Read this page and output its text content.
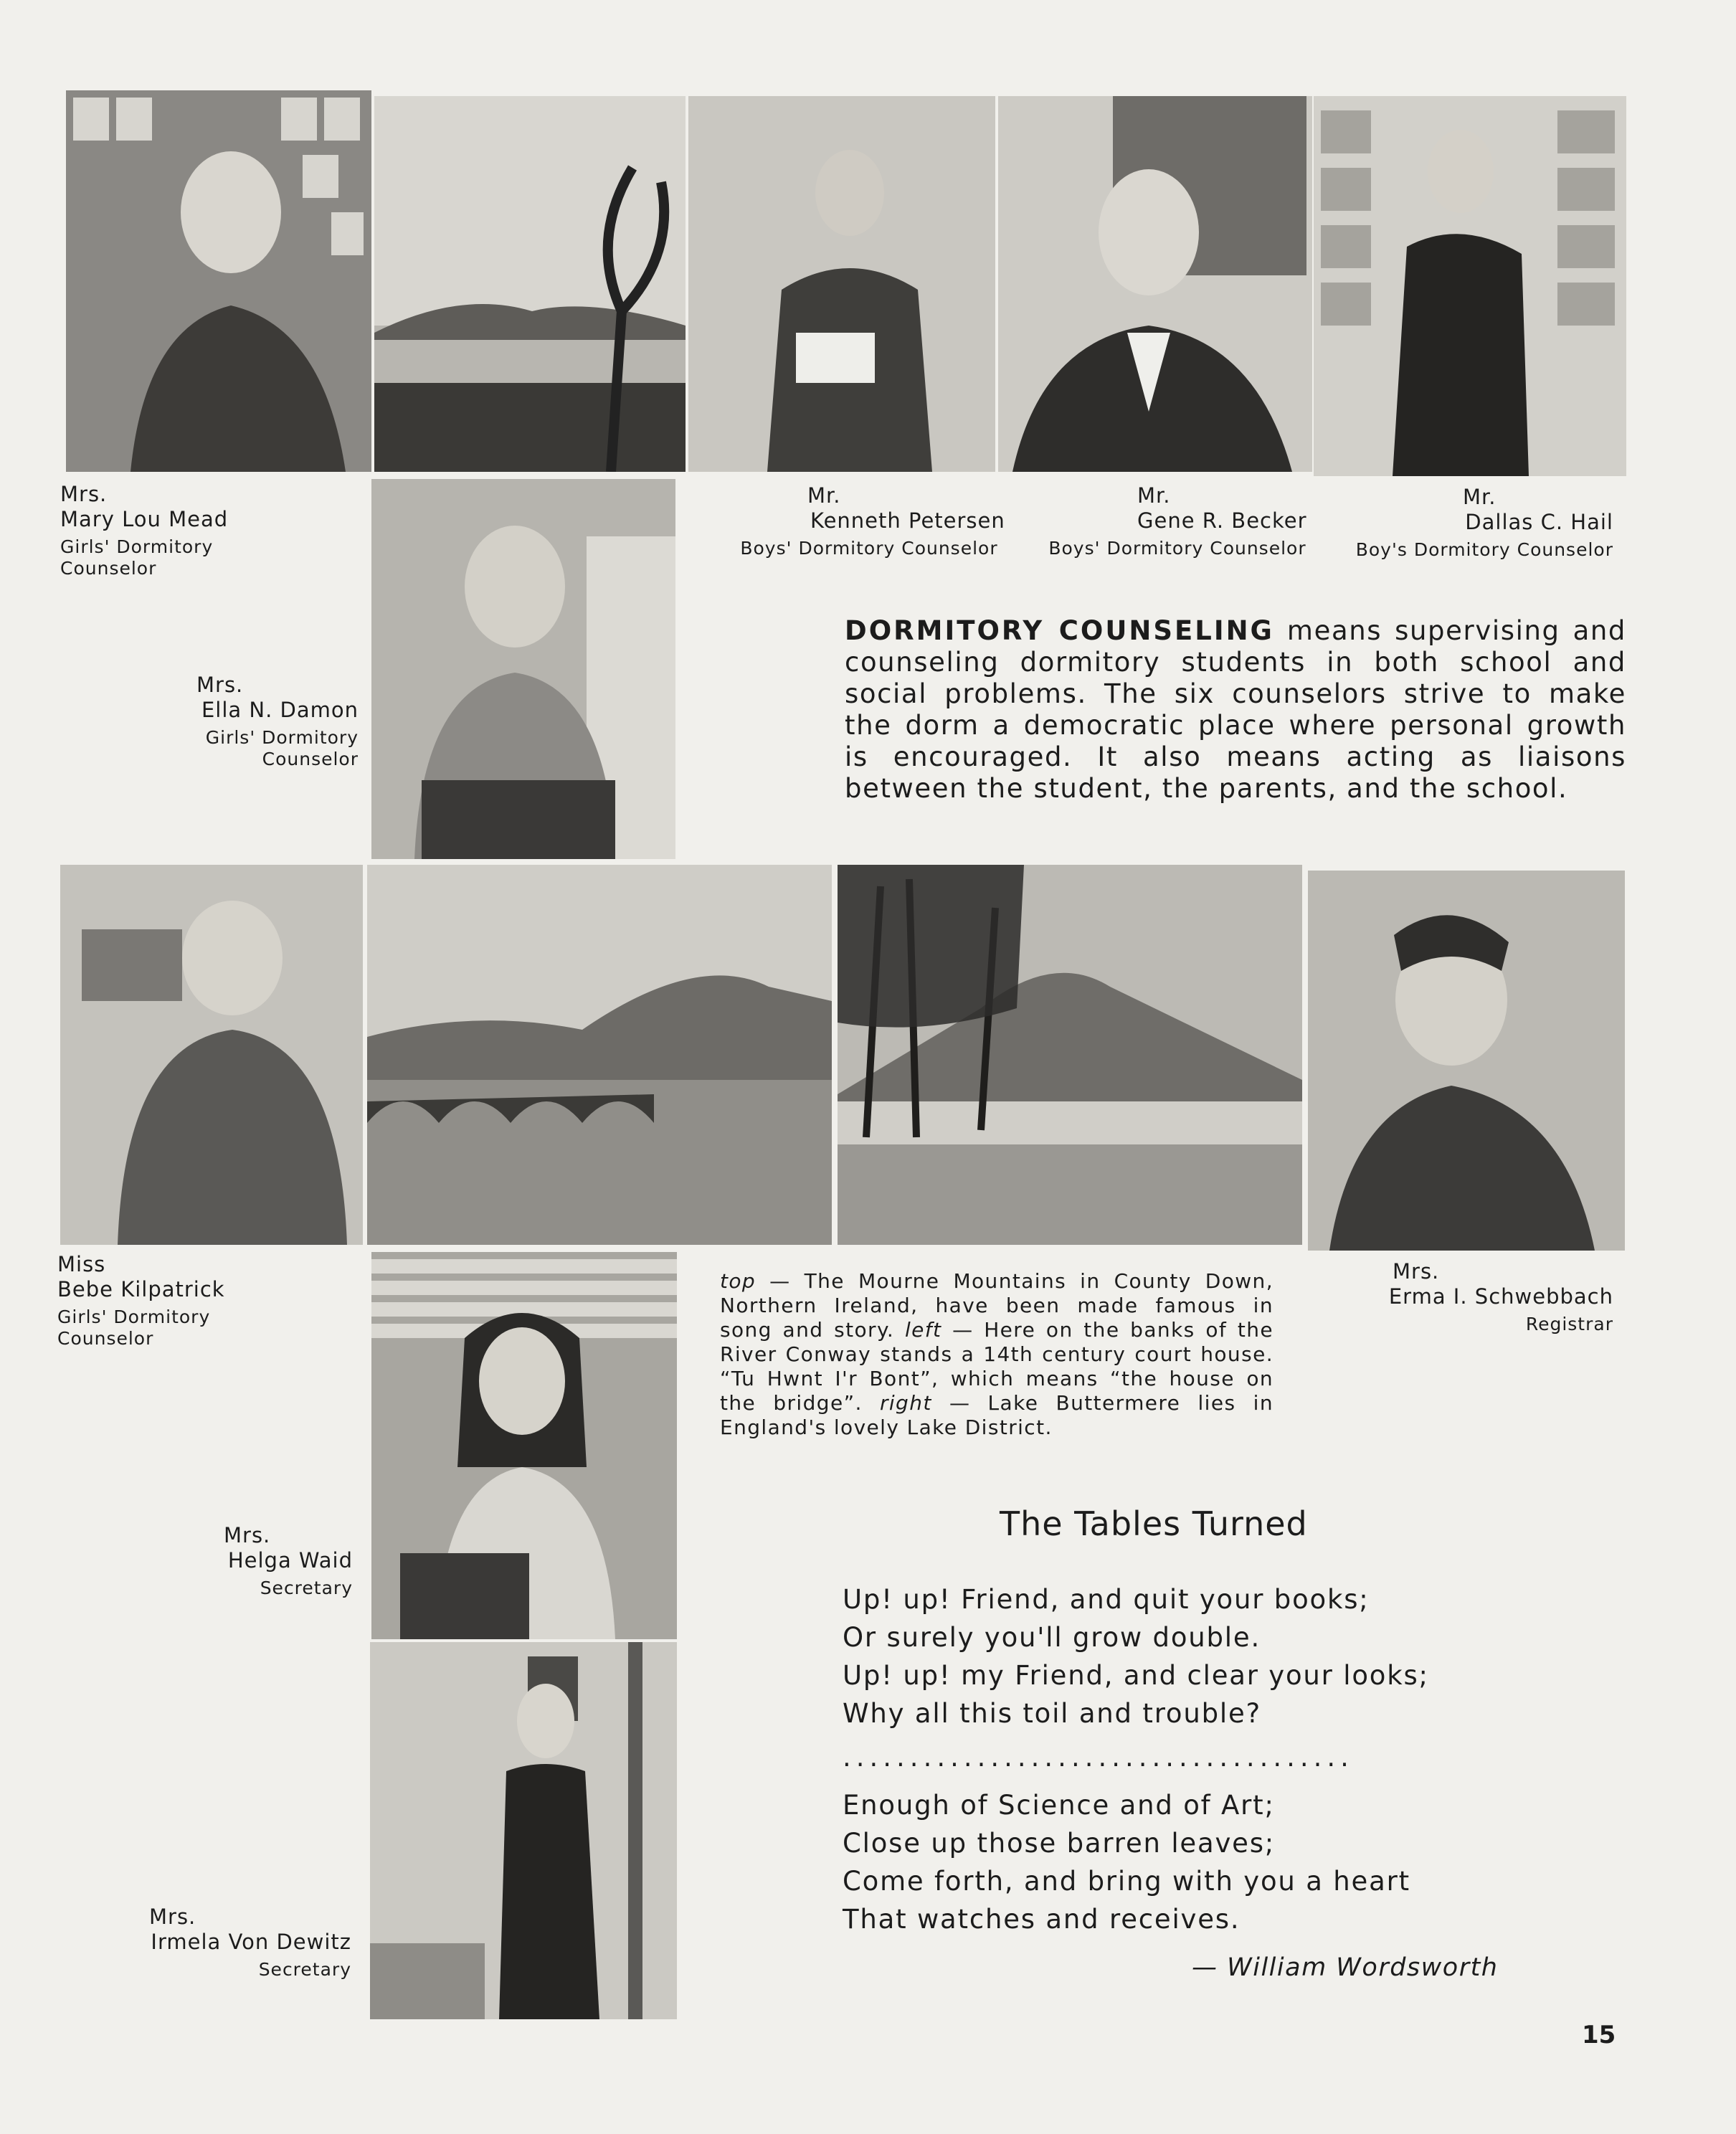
Mrs.
Mary Lou Mead
Girls' Dormitory
Counselor
Mr.
Kenneth Petersen
Boys' Dormitory Counselor
Mr.
Gene R. Becker
Boys' Dormitory Counselor
Mr.
Dallas C. Hail
Boy's Dormitory Counselor
Mrs.
Ella N. Damon
Girls' Dormitory
Counselor
Miss
Bebe Kilpatrick
Girls' Dormitory
Counselor
Mrs.
Erma I. Schwebbach
Registrar
Mrs.
Helga Waid
Secretary
Mrs.
Irmela Von Dewitz
Secretary
DORMITORY COUNSELING means supervising and counseling dormitory students in both school and social problems. The six counselors strive to make the dorm a democratic place where personal growth is encouraged. It also means acting as liaisons between the student, the parents, and the school.
top — The Mourne Mountains in County Down, Northern Ireland, have been made famous in song and story. left — Here on the banks of the River Conway stands a 14th century court house. “Tu Hwnt I'r Bont”, which means “the house on the bridge”. right — Lake Buttermere lies in England's lovely Lake District.
The Tables Turned
Up! up! Friend, and quit your books;
Or surely you'll grow double.
Up! up! my Friend, and clear your looks;
Why all this toil and trouble?
......................................
Enough of Science and of Art;
Close up those barren leaves;
Come forth, and bring with you a heart
That watches and receives.
— William Wordsworth
15
